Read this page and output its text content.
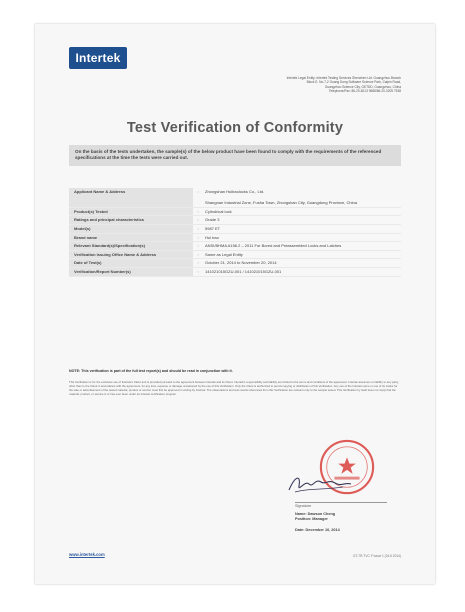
Intertek
Intertek Legal Entity: Intertek Testing Services Shenzhen Ltd. Guangzhou Branch
Block E, No.7-2 Guang Dong Software Science Park, Caipin Road,
Guangzhou Science City, GETDD, Guangzhou, China
Telephone/Fax: 86-20-8213 9688/86-20-3205 7538
Test Verification of Conformity
On the basis of the tests undertaken, the sample(s) of the below product have been found to comply with the requirements of the referenced specifications at the time the tests were carried out.
Applicant Name & Address	:	Zhongshan Hulbaolocks Co., Ltd.

Shangnan Industrial Zone, Fusha Town, Zhongshan City, Guangdong Province, China
Product(s) Tested	:	Cylindrical lock
Ratings and principal characteristics	:	Grade 3
Model(s)	:	5987 ET
Brand name	:	Hui bao
Relevant Standard(s)/Specification(s)	:	ANSI/BHMA A156.2 – 2011 For Bored and Preassembled Locks and Latches
Verification Issuing Office Name & Address	:	Same as Legal Entity
Date of Test(s)	:	October 21, 2014 to November 20, 2014
Verification/Report Number(s)	:	141021015GZU-001 / 141021015GZU-001
NOTE: This verification is part of the full test report(s) and should be read in conjunction with it.
This Verification is for the exclusive use of Intertek's Client and is provided pursuant to the agreement between Intertek and its Client. Intertek's responsibility and liability are limited to the terms and conditions of the agreement. Intertek assumes no liability to any party, other than to the Client in accordance with the agreement, for any loss, expense or damage occasioned by the use of this Verification. Only the Client is authorized to permit copying or distribution of this Verification. Any use of the Intertek name or one of its marks for the sale or advertisement of the tested material, product or service must first be approved in writing by Intertek. The observations and test results referenced from this Verification are relevant only to the sample tested. This Verification by itself does not imply that the material, product, or service is or has ever been under an Intertek certification program.
Signature
Name: Dawson Cheng
Position: Manager
Date: December 10, 2014
www.intertek.com	GT-7R-TVC F Issue 1 (24.6.2014)
